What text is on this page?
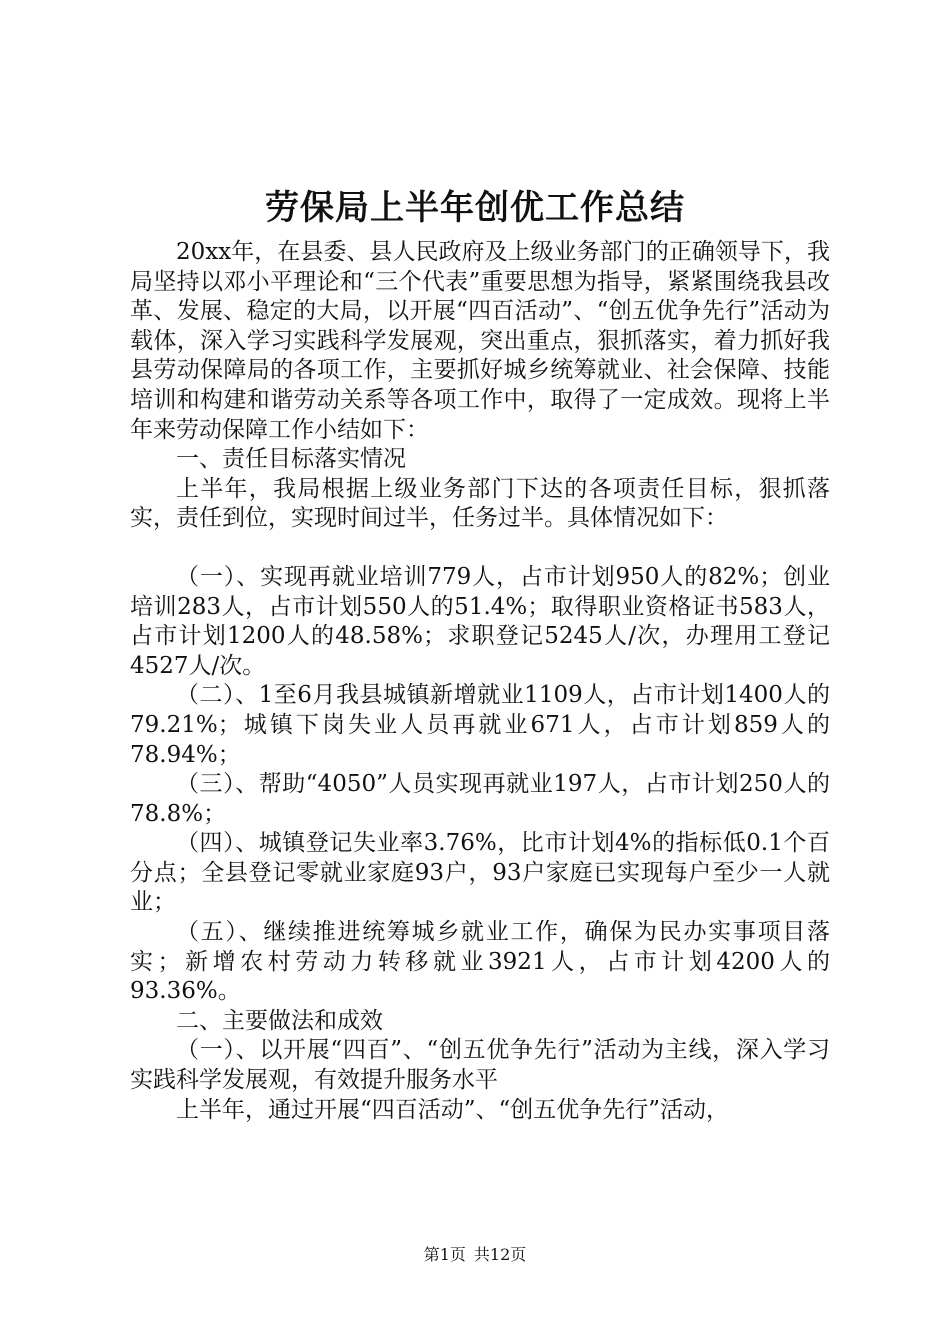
劳保局上半年创优工作总结

20xx年，在县委、县人民政府及上级业务部门的正确领导下，我局坚持以邓小平理论和“三个代表”重要思想为指导，紧紧围绕我县改革、发展、稳定的大局，以开展“四百活动”、“创五优争先行”活动为载体，深入学习实践科学发展观，突出重点，狠抓落实，着力抓好我县劳动保障局的各项工作，主要抓好城乡统筹就业、社会保障、技能培训和构建和谐劳动关系等各项工作中，取得了一定成效。现将上半年来劳动保障工作小结如下：

一、责任目标落实情况

上半年，我局根据上级业务部门下达的各项责任目标，狠抓落实，责任到位，实现时间过半，任务过半。具体情况如下：

（一）、实现再就业培训779人，占市计划950人的82%；创业培训283人，占市计划550人的51.4%；取得职业资格证书583人，占市计划1200人的48.58%；求职登记5245人/次，办理用工登记4527人/次。

（二）、1至6月我县城镇新增就业1109人，占市计划1400人的79.21%；城镇下岗失业人员再就业671人，占市计划859人的78.94%；

（三）、帮助“4050”人员实现再就业197人，占市计划250人的78.8%；

（四）、城镇登记失业率3.76%，比市计划4%的指标低0.1个百分点；全县登记零就业家庭93户，93户家庭已实现每户至少一人就业；

（五）、继续推进统筹城乡就业工作，确保为民办实事项目落实；新增农村劳动力转移就业3921人，占市计划4200人的93.36%。

二、主要做法和成效

（一）、以开展“四百”、“创五优争先行”活动为主线，深入学习实践科学发展观，有效提升服务水平

上半年，通过开展“四百活动”、“创五优争先行”活动，

第1页 共12页
